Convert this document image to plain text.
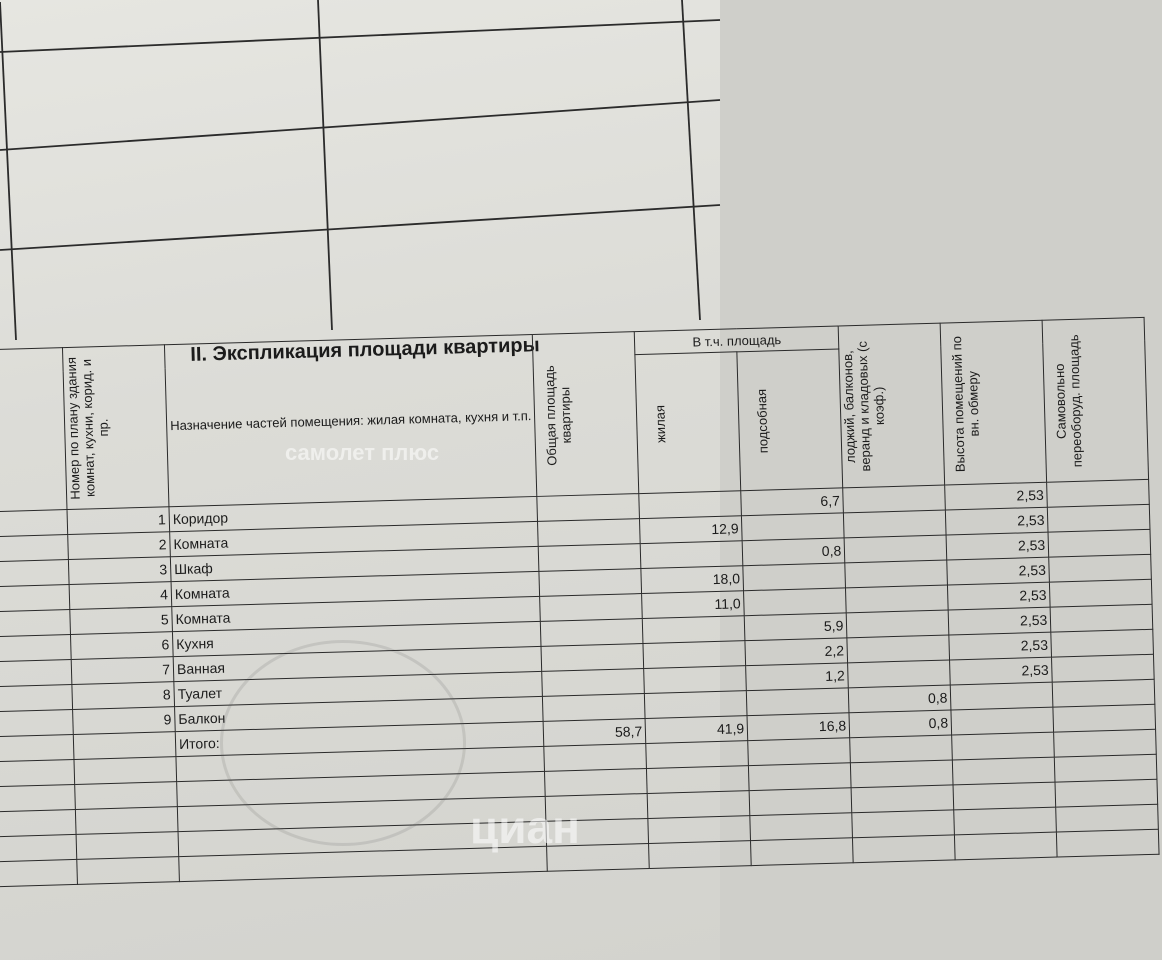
II. Экспликация площади квартиры
	Номер по плану здания комнат, кухни, корид. и пр.	Назначение частей помещения: жилая комната, кухня и т.п.	Общая площадь квартиры	В т.ч. площадь		лоджий, балконов, веранд и кладовых (с коэф.)	Высота помещений по вн. обмеру	Самовольно переоборуд. площадь
				жилая	подсобная			
	1	Коридор			6,7		2,53	
	2	Комната		12,9			2,53	
	3	Шкаф			0,8		2,53	
	4	Комната		18,0			2,53	
	5	Комната		11,0			2,53	
	6	Кухня			5,9		2,53	
	7	Ванная			2,2		2,53	
	8	Туалет			1,2		2,53	
	9	Балкон				0,8		
		Итого:	58,7	41,9	16,8	0,8		

самолет плюс
циан
